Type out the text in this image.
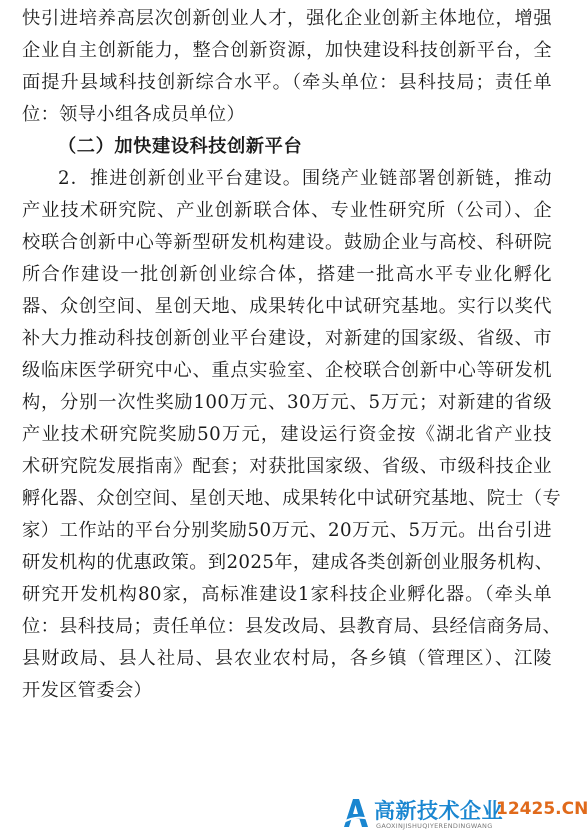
快引进培养高层次创新创业人才，强化企业创新主体地位，增强
企业自主创新能力，整合创新资源，加快建设科技创新平台，全
面提升县域科技创新综合水平。（牵头单位：县科技局；责任单
位：领导小组各成员单位）
（二）加快建设科技创新平台
2．推进创新创业平台建设。围绕产业链部署创新链，推动
产业技术研究院、产业创新联合体、专业性研究所（公司）、企
校联合创新中心等新型研发机构建设。鼓励企业与高校、科研院
所合作建设一批创新创业综合体，搭建一批高水平专业化孵化
器、众创空间、星创天地、成果转化中试研究基地。实行以奖代
补大力推动科技创新创业平台建设，对新建的国家级、省级、市
级临床医学研究中心、重点实验室、企校联合创新中心等研发机
构，分别一次性奖励100万元、30万元、5万元；对新建的省级
产业技术研究院奖励50万元，建设运行资金按《湖北省产业技
术研究院发展指南》配套；对获批国家级、省级、市级科技企业
孵化器、众创空间、星创天地、成果转化中试研究基地、院士（专
家）工作站的平台分别奖励50万元、20万元、5万元。出台引进
研发机构的优惠政策。到2025年，建成各类创新创业服务机构、
研究开发机构80家，高标准建设1家科技企业孵化器。（牵头单
位：县科技局；责任单位：县发改局、县教育局、县经信商务局、
县财政局、县人社局、县农业农村局，各乡镇（管理区）、江陵
开发区管委会）
高新技术企业
12425.CN
GAOXINJISHUQIYERENDINGWANG
